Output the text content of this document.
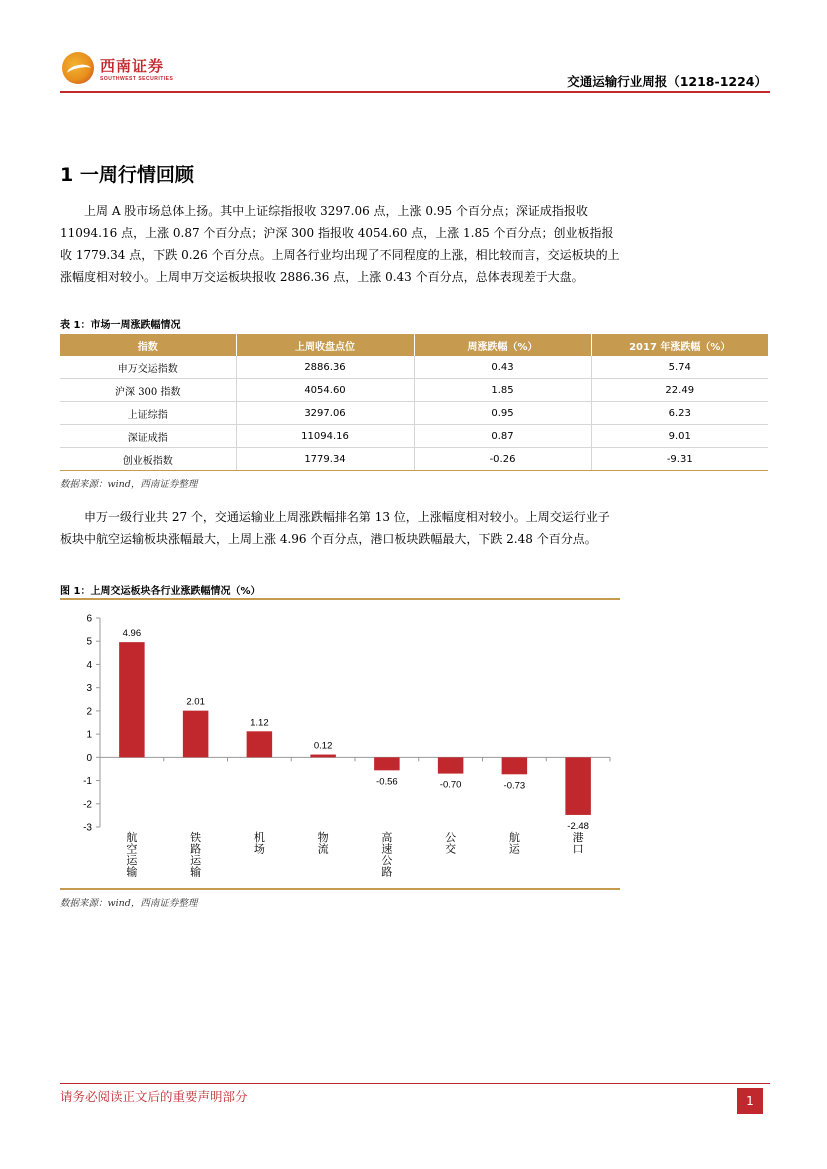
西南证券
SOUTHWEST SECURITIES	交通运输行业周报（1218-1224）
1 一周行情回顾

上周 A 股市场总体上扬。其中上证综指报收 3297.06 点，上涨 0.95 个百分点；深证成指报收 11094.16 点，上涨 0.87 个百分点；沪深 300 指报收 4054.60 点，上涨 1.85 个百分点；创业板指报收 1779.34 点，下跌 0.26 个百分点。上周各行业均出现了不同程度的上涨，相比较而言，交运板块的上涨幅度相对较小。上周申万交运板块报收 2886.36 点，上涨 0.43 个百分点，总体表现差于大盘。

表 1：市场一周涨跌幅情况
指数	上周收盘点位	周涨跌幅（%）	2017 年涨跌幅（%）
申万交运指数	2886.36	0.43	5.74
沪深 300 指数	4054.60	1.85	22.49
上证综指	3297.06	0.95	6.23
深证成指	11094.16	0.87	9.01
创业板指数	1779.34	-0.26	-9.31
数据来源：wind，西南证券整理

申万一级行业共 27 个，交通运输业上周涨跌幅排名第 13 位，上涨幅度相对较小。上周交运行业子板块中航空运输板块涨幅最大，上周上涨 4.96 个百分点，港口板块跌幅最大，下跌 2.48 个百分点。

图 1：上周交运板块各行业涨跌幅情况（%）
-3
-2
-1
0
1
2
3
4
5
6
4.96
航空运输
2.01
铁路运输
1.12
机场
0.12
物流
-0.56
高速公路
-0.70
公交
-0.73
航运
-2.48
港口
数据来源：wind，西南证券整理
请务必阅读正文后的重要声明部分	1
